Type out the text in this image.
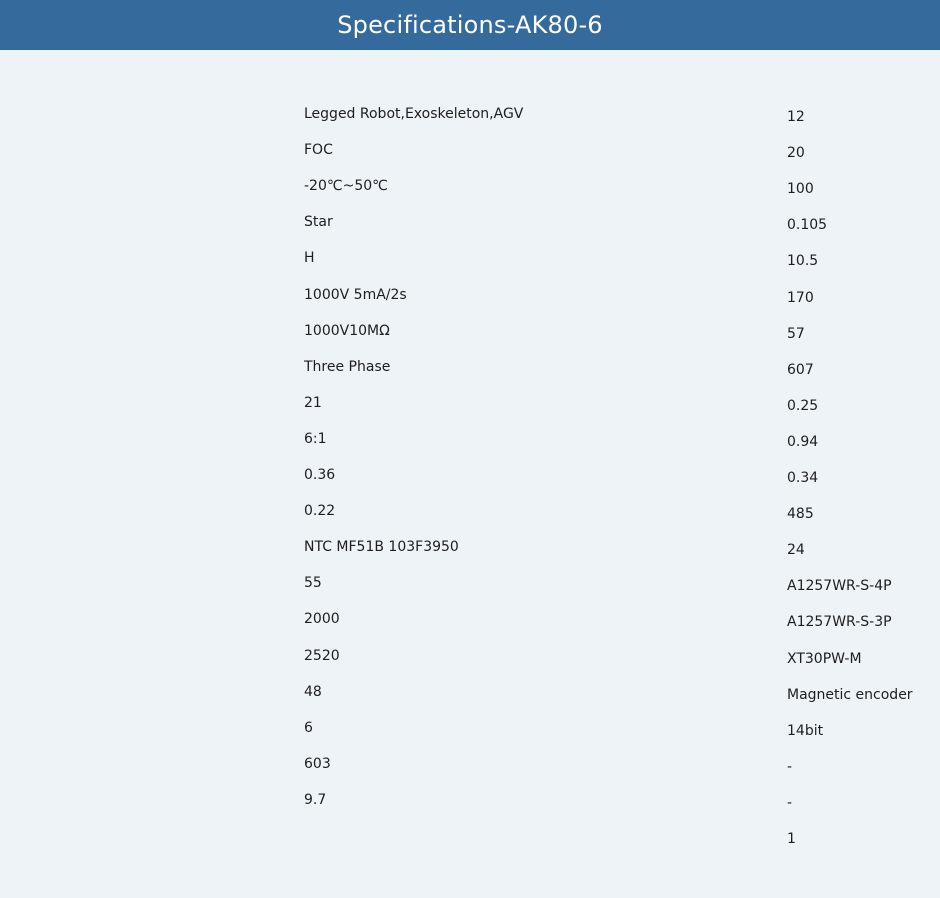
Specifications-AK80-6
Legged Robot,Exoskeleton,AGV
FOC
-20℃~50℃
Star
H
1000V 5mA/2s
1000V10MΩ
Three Phase
21
6:1
0.36
0.22
NTC MF51B 103F3950
55
2000
2520
48
6
603
9.7
12
20
100
0.105
10.5
170
57
607
0.25
0.94
0.34
485
24
A1257WR-S-4P
A1257WR-S-3P
XT30PW-M
Magnetic encoder
14bit
-
-
1
